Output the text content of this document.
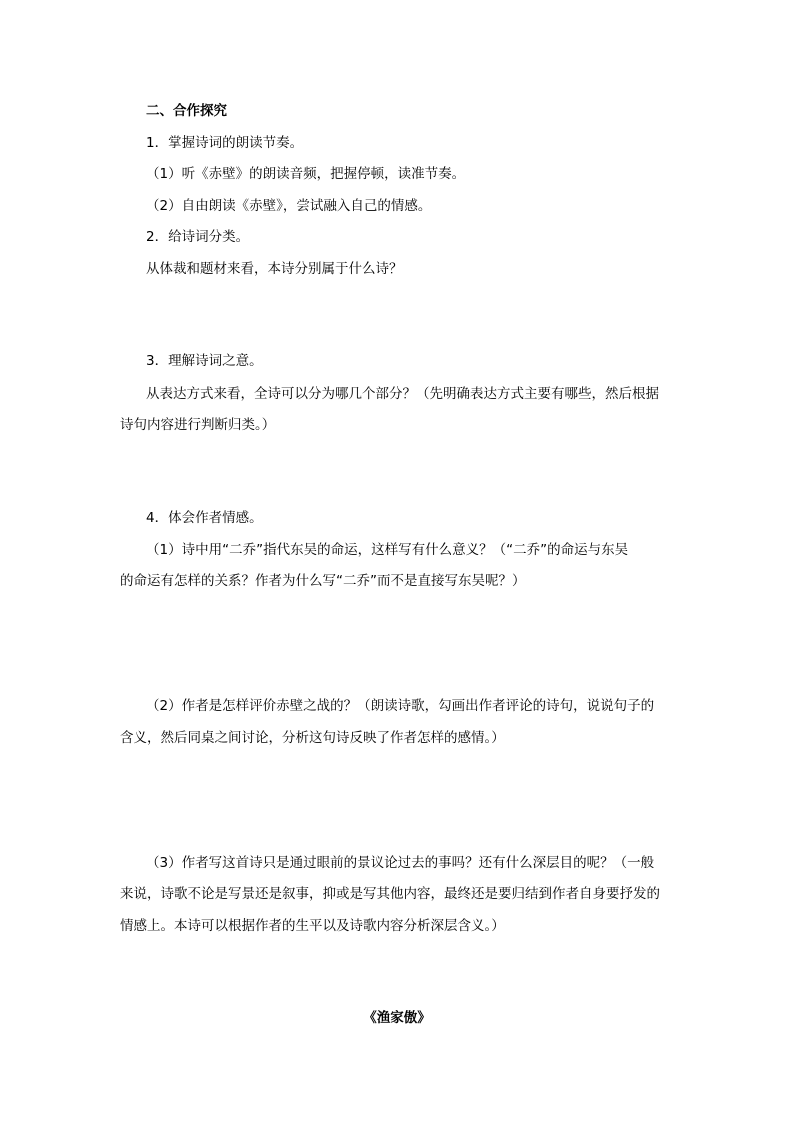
二、合作探究
1．掌握诗词的朗读节奏。
（1）听《赤壁》的朗读音频，把握停顿，读准节奏。
（2）自由朗读《赤壁》，尝试融入自己的情感。
2．给诗词分类。
从体裁和题材来看，本诗分别属于什么诗？
3．理解诗词之意。
从表达方式来看，全诗可以分为哪几个部分？（先明确表达方式主要有哪些，然后根据
诗句内容进行判断归类。）
4．体会作者情感。
（1）诗中用“二乔”指代东吴的命运，这样写有什么意义？（“二乔”的命运与东吴
的命运有怎样的关系？作者为什么写“二乔”而不是直接写东吴呢？）
（2）作者是怎样评价赤壁之战的？（朗读诗歌，勾画出作者评论的诗句，说说句子的
含义，然后同桌之间讨论，分析这句诗反映了作者怎样的感情。）
（3）作者写这首诗只是通过眼前的景议论过去的事吗？还有什么深层目的呢？（一般
来说，诗歌不论是写景还是叙事，抑或是写其他内容，最终还是要归结到作者自身要抒发的
情感上。本诗可以根据作者的生平以及诗歌内容分析深层含义。）
《渔家傲》
